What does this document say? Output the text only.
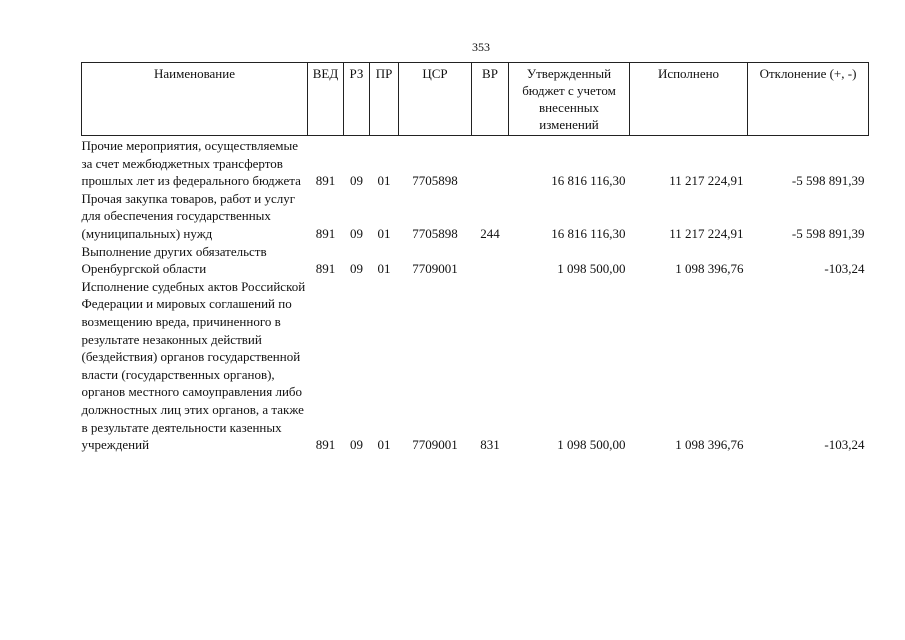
353
Наименование	ВЕД	РЗ	ПР	ЦСР	ВР	Утвержденный бюджет с учетом внесенных изменений	Исполнено	Отклонение (+, -)
Прочие мероприятия, осуществляемые за счет межбюджетных трансфертов прошлых лет из федерального бюджета	891	09	01	7705898		16 816 116,30	11 217 224,91	-5 598 891,39
Прочая закупка товаров, работ и услуг для обеспечения государственных (муниципальных) нужд	891	09	01	7705898	244	16 816 116,30	11 217 224,91	-5 598 891,39
Выполнение других обязательств Оренбургской области	891	09	01	7709001		1 098 500,00	1 098 396,76	-103,24
Исполнение судебных актов Российской Федерации и мировых соглашений по возмещению вреда, причиненного в результате незаконных действий (бездействия) органов государственной власти (государственных органов), органов местного самоуправления либо должностных лиц этих органов, а также в результате деятельности казенных учреждений	891	09	01	7709001	831	1 098 500,00	1 098 396,76	-103,24
